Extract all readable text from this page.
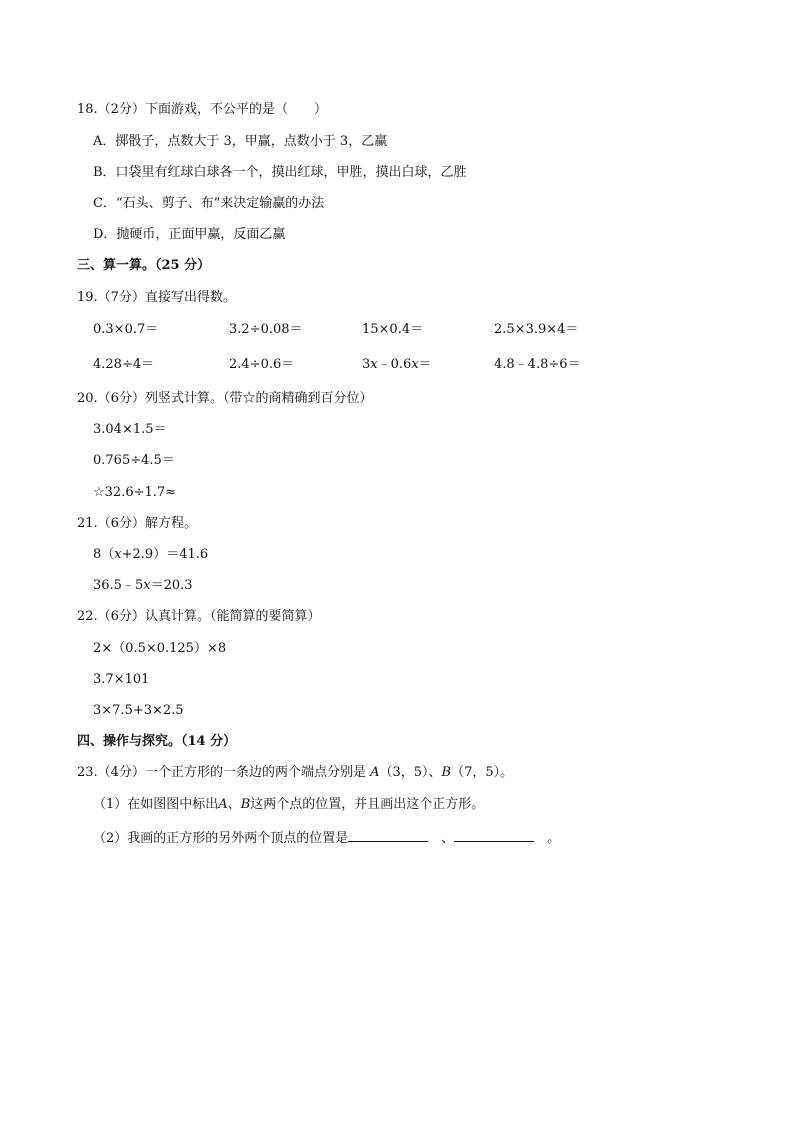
18.（2分）下面游戏，不公平的是（　　）
A．掷骰子，点数大于 3，甲赢，点数小于 3，乙赢
B．口袋里有红球白球各一个，摸出红球，甲胜，摸出白球，乙胜
C．“石头、剪子、布”来决定输赢的办法
D．抛硬币，正面甲赢，反面乙赢
三、算一算。（25 分）
19.（7分）直接写出得数。
0.3×0.7＝	3.2÷0.08＝	15×0.4＝	2.5×3.9×4＝
4.28÷4＝	2.4÷0.6＝	3x﹣0.6x＝	4.8﹣4.8÷6＝
20.（6分）列竖式计算。（带☆的商精确到百分位）
3.04×1.5＝
0.765÷4.5＝
☆32.6÷1.7≈
21.（6分）解方程。
8（x+2.9）＝41.6
36.5﹣5x＝20.3
22.（6分）认真计算。（能简算的要简算）
2×（0.5×0.125）×8
3.7×101
3×7.5+3×2.5
四、操作与探究。（14 分）
23.（4分）一个正方形的一条边的两个端点分别是 A（3，5）、B（7，5）。
（1）在如图图中标出A、B这两个点的位置，并且画出这个正方形。
（2）我画的正方形的另外两个顶点的位置是	　、	　。
